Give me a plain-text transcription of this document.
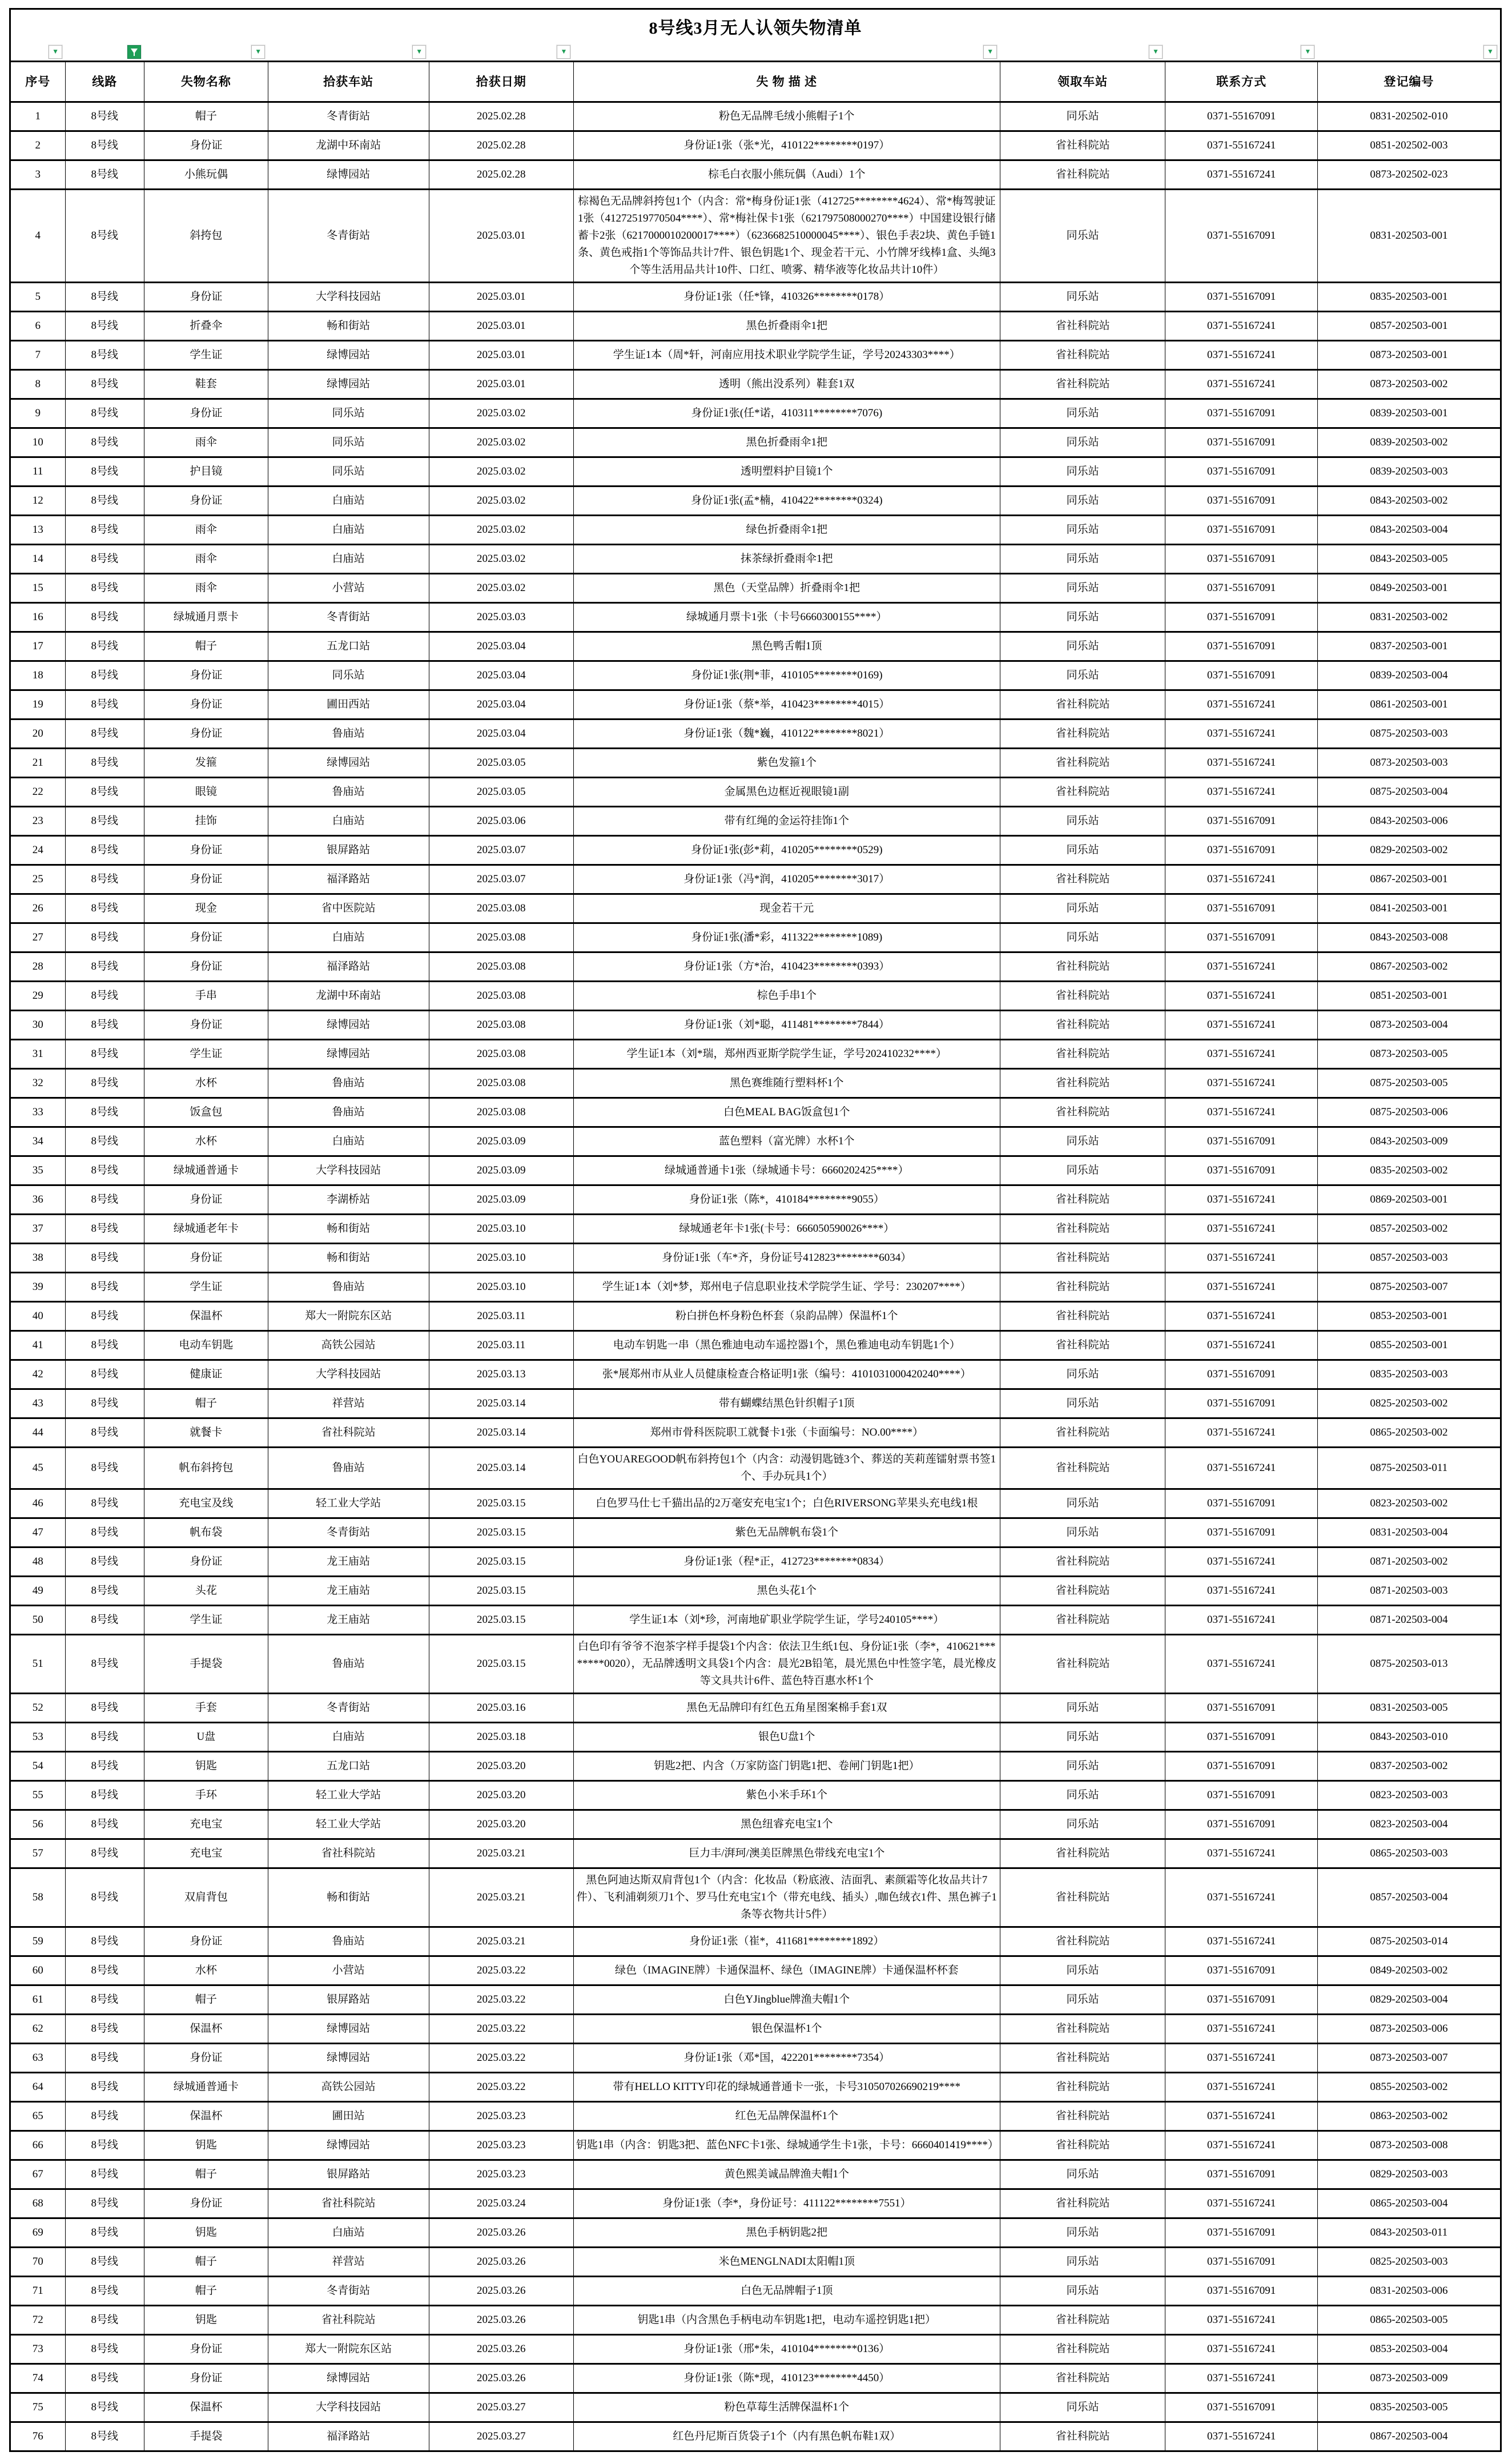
8号线3月无人认领失物清单								

▼		▼	▼	▼	▼	▼	▼	▼

序号	线路	失物名称	拾获车站	拾获日期	失 物 描 述	领取车站	联系方式	登记编号
1	8号线	帽子	冬青街站	2025.02.28	粉色无品牌毛绒小熊帽子1个	同乐站	0371-55167091	0831-202502-010
2	8号线	身份证	龙湖中环南站	2025.02.28	身份证1张（张*光，410122********0197）	省社科院站	0371-55167241	0851-202502-003
3	8号线	小熊玩偶	绿博园站	2025.02.28	棕毛白衣服小熊玩偶（Audi）1个	省社科院站	0371-55167241	0873-202502-023
4	8号线	斜挎包	冬青街站	2025.03.01	棕褐色无品牌斜挎包1个（内含：常*梅身份证1张（412725********4624）、常*梅驾驶证1张（41272519770504****）、常*梅社保卡1张（621797508000270****）中国建设银行储蓄卡2张（6217000010200017****）（6236682510000045****）、银色手表2块、黄色手链1条、黄色戒指1个等饰品共计7件、银色钥匙1个、现金若干元、小竹牌牙线棒1盒、头绳3个等生活用品共计10件、口红、喷雾、精华液等化妆品共计10件）	同乐站	0371-55167091	0831-202503-001
5	8号线	身份证	大学科技园站	2025.03.01	身份证1张（任*锋，410326********0178）	同乐站	0371-55167091	0835-202503-001
6	8号线	折叠伞	畅和街站	2025.03.01	黑色折叠雨伞1把	省社科院站	0371-55167241	0857-202503-001
7	8号线	学生证	绿博园站	2025.03.01	学生证1本（周*轩，河南应用技术职业学院学生证，学号20243303****）	省社科院站	0371-55167241	0873-202503-001
8	8号线	鞋套	绿博园站	2025.03.01	透明（熊出没系列）鞋套1双	省社科院站	0371-55167241	0873-202503-002
9	8号线	身份证	同乐站	2025.03.02	身份证1张(任*诺，410311********7076)	同乐站	0371-55167091	0839-202503-001
10	8号线	雨伞	同乐站	2025.03.02	黑色折叠雨伞1把	同乐站	0371-55167091	0839-202503-002
11	8号线	护目镜	同乐站	2025.03.02	透明塑料护目镜1个	同乐站	0371-55167091	0839-202503-003
12	8号线	身份证	白庙站	2025.03.02	身份证1张(孟*楠，410422********0324)	同乐站	0371-55167091	0843-202503-002
13	8号线	雨伞	白庙站	2025.03.02	绿色折叠雨伞1把	同乐站	0371-55167091	0843-202503-004
14	8号线	雨伞	白庙站	2025.03.02	抹茶绿折叠雨伞1把	同乐站	0371-55167091	0843-202503-005
15	8号线	雨伞	小营站	2025.03.02	黑色（天堂品牌）折叠雨伞1把	同乐站	0371-55167091	0849-202503-001
16	8号线	绿城通月票卡	冬青街站	2025.03.03	绿城通月票卡1张（卡号6660300155****）	同乐站	0371-55167091	0831-202503-002
17	8号线	帽子	五龙口站	2025.03.04	黑色鸭舌帽1顶	同乐站	0371-55167091	0837-202503-001
18	8号线	身份证	同乐站	2025.03.04	身份证1张(荆*菲，410105********0169)	同乐站	0371-55167091	0839-202503-004
19	8号线	身份证	圃田西站	2025.03.04	身份证1张（蔡*举，410423********4015）	省社科院站	0371-55167241	0861-202503-001
20	8号线	身份证	鲁庙站	2025.03.04	身份证1张（魏*巍，410122********8021）	省社科院站	0371-55167241	0875-202503-003
21	8号线	发箍	绿博园站	2025.03.05	紫色发箍1个	省社科院站	0371-55167241	0873-202503-003
22	8号线	眼镜	鲁庙站	2025.03.05	金属黑色边框近视眼镜1副	省社科院站	0371-55167241	0875-202503-004
23	8号线	挂饰	白庙站	2025.03.06	带有红绳的金运符挂饰1个	同乐站	0371-55167091	0843-202503-006
24	8号线	身份证	银屏路站	2025.03.07	身份证1张(彭*莉，410205********0529)	同乐站	0371-55167091	0829-202503-002
25	8号线	身份证	福泽路站	2025.03.07	身份证1张（冯*润，410205********3017）	省社科院站	0371-55167241	0867-202503-001
26	8号线	现金	省中医院站	2025.03.08	现金若干元	同乐站	0371-55167091	0841-202503-001
27	8号线	身份证	白庙站	2025.03.08	身份证1张(潘*彩，411322********1089)	同乐站	0371-55167091	0843-202503-008
28	8号线	身份证	福泽路站	2025.03.08	身份证1张（方*治，410423********0393）	省社科院站	0371-55167241	0867-202503-002
29	8号线	手串	龙湖中环南站	2025.03.08	棕色手串1个	省社科院站	0371-55167241	0851-202503-001
30	8号线	身份证	绿博园站	2025.03.08	身份证1张（刘*聪，411481********7844）	省社科院站	0371-55167241	0873-202503-004
31	8号线	学生证	绿博园站	2025.03.08	学生证1本（刘*瑞，郑州西亚斯学院学生证，学号202410232****）	省社科院站	0371-55167241	0873-202503-005
32	8号线	水杯	鲁庙站	2025.03.08	黑色赛维随行塑料杯1个	省社科院站	0371-55167241	0875-202503-005
33	8号线	饭盒包	鲁庙站	2025.03.08	白色MEAL BAG饭盒包1个	省社科院站	0371-55167241	0875-202503-006
34	8号线	水杯	白庙站	2025.03.09	蓝色塑料（富光牌）水杯1个	同乐站	0371-55167091	0843-202503-009
35	8号线	绿城通普通卡	大学科技园站	2025.03.09	绿城通普通卡1张（绿城通卡号：6660202425****）	同乐站	0371-55167091	0835-202503-002
36	8号线	身份证	李湖桥站	2025.03.09	身份证1张（陈*，410184********9055）	省社科院站	0371-55167241	0869-202503-001
37	8号线	绿城通老年卡	畅和街站	2025.03.10	绿城通老年卡1张(卡号：666050590026****）	省社科院站	0371-55167241	0857-202503-002
38	8号线	身份证	畅和街站	2025.03.10	身份证1张（车*齐，身份证号412823********6034）	省社科院站	0371-55167241	0857-202503-003
39	8号线	学生证	鲁庙站	2025.03.10	学生证1本（刘*梦，郑州电子信息职业技术学院学生证、学号：230207****）	省社科院站	0371-55167241	0875-202503-007
40	8号线	保温杯	郑大一附院东区站	2025.03.11	粉白拼色杯身粉色杯套（泉韵品牌）保温杯1个	省社科院站	0371-55167241	0853-202503-001
41	8号线	电动车钥匙	高铁公园站	2025.03.11	电动车钥匙一串（黑色雅迪电动车遥控器1个，黑色雅迪电动车钥匙1个）	省社科院站	0371-55167241	0855-202503-001
42	8号线	健康证	大学科技园站	2025.03.13	张*展郑州市从业人员健康检查合格证明1张（编号：4101031000420240****）	同乐站	0371-55167091	0835-202503-003
43	8号线	帽子	祥营站	2025.03.14	带有蝴蝶结黑色针织帽子1顶	同乐站	0371-55167091	0825-202503-002
44	8号线	就餐卡	省社科院站	2025.03.14	郑州市骨科医院职工就餐卡1张（卡面编号：NO.00****）	省社科院站	0371-55167241	0865-202503-002
45	8号线	帆布斜挎包	鲁庙站	2025.03.14	白色YOUAREGOOD帆布斜挎包1个（内含：动漫钥匙链3个、葬送的芙莉莲镭射票书签1个、手办玩具1个）	省社科院站	0371-55167241	0875-202503-011
46	8号线	充电宝及线	轻工业大学站	2025.03.15	白色罗马仕七千猫出品的2万毫安充电宝1个；白色RIVERSONG苹果头充电线1根	同乐站	0371-55167091	0823-202503-002
47	8号线	帆布袋	冬青街站	2025.03.15	紫色无品牌帆布袋1个	同乐站	0371-55167091	0831-202503-004
48	8号线	身份证	龙王庙站	2025.03.15	身份证1张（程*正，412723********0834）	省社科院站	0371-55167241	0871-202503-002
49	8号线	头花	龙王庙站	2025.03.15	黑色头花1个	省社科院站	0371-55167241	0871-202503-003
50	8号线	学生证	龙王庙站	2025.03.15	学生证1本（刘*珍，河南地矿职业学院学生证，学号240105****）	省社科院站	0371-55167241	0871-202503-004
51	8号线	手提袋	鲁庙站	2025.03.15	白色印有爷爷不泡茶字样手提袋1个内含：依法卫生纸1包、身份证1张（李*，410621********0020），无品牌透明文具袋1个内含：晨光2B铅笔，晨光黑色中性签字笔，晨光橡皮等文具共计6件、蓝色特百惠水杯1个	省社科院站	0371-55167241	0875-202503-013
52	8号线	手套	冬青街站	2025.03.16	黑色无品牌印有红色五角星图案棉手套1双	同乐站	0371-55167091	0831-202503-005
53	8号线	U盘	白庙站	2025.03.18	银色U盘1个	同乐站	0371-55167091	0843-202503-010
54	8号线	钥匙	五龙口站	2025.03.20	钥匙2把、内含（万家防盗门钥匙1把、卷闸门钥匙1把）	同乐站	0371-55167091	0837-202503-002
55	8号线	手环	轻工业大学站	2025.03.20	紫色小米手环1个	同乐站	0371-55167091	0823-202503-003
56	8号线	充电宝	轻工业大学站	2025.03.20	黑色纽睿充电宝1个	同乐站	0371-55167091	0823-202503-004
57	8号线	充电宝	省社科院站	2025.03.21	巨力丰/湃珂/澳美臣牌黑色带线充电宝1个	省社科院站	0371-55167241	0865-202503-003
58	8号线	双肩背包	畅和街站	2025.03.21	黑色阿迪达斯双肩背包1个（内含：化妆品（粉底液、洁面乳、素颜霜等化妆品共计7件）、飞利浦剃须刀1个、罗马仕充电宝1个（带充电线、插头）,咖色绒衣1件、黑色裤子1条等衣物共计5件）	省社科院站	0371-55167241	0857-202503-004
59	8号线	身份证	鲁庙站	2025.03.21	身份证1张（崔*，411681********1892）	省社科院站	0371-55167241	0875-202503-014
60	8号线	水杯	小营站	2025.03.22	绿色（IMAGINE牌）卡通保温杯、绿色（IMAGINE牌）卡通保温杯杯套	同乐站	0371-55167091	0849-202503-002
61	8号线	帽子	银屏路站	2025.03.22	白色YJingblue牌渔夫帽1个	同乐站	0371-55167091	0829-202503-004
62	8号线	保温杯	绿博园站	2025.03.22	银色保温杯1个	省社科院站	0371-55167241	0873-202503-006
63	8号线	身份证	绿博园站	2025.03.22	身份证1张（邓*国，422201********7354）	省社科院站	0371-55167241	0873-202503-007
64	8号线	绿城通普通卡	高铁公园站	2025.03.22	带有HELLO KITTY印花的绿城通普通卡一张，卡号310507026690219****	省社科院站	0371-55167241	0855-202503-002
65	8号线	保温杯	圃田站	2025.03.23	红色无品牌保温杯1个	省社科院站	0371-55167241	0863-202503-002
66	8号线	钥匙	绿博园站	2025.03.23	钥匙1串（内含：钥匙3把、蓝色NFC卡1张、绿城通学生卡1张，卡号：6660401419****）	省社科院站	0371-55167241	0873-202503-008
67	8号线	帽子	银屏路站	2025.03.23	黄色熙美诚品牌渔夫帽1个	同乐站	0371-55167091	0829-202503-003
68	8号线	身份证	省社科院站	2025.03.24	身份证1张（李*，身份证号：411122********7551）	省社科院站	0371-55167241	0865-202503-004
69	8号线	钥匙	白庙站	2025.03.26	黑色手柄钥匙2把	同乐站	0371-55167091	0843-202503-011
70	8号线	帽子	祥营站	2025.03.26	米色MENGLNADI太阳帽1顶	同乐站	0371-55167091	0825-202503-003
71	8号线	帽子	冬青街站	2025.03.26	白色无品牌帽子1顶	同乐站	0371-55167091	0831-202503-006
72	8号线	钥匙	省社科院站	2025.03.26	钥匙1串（内含黑色手柄电动车钥匙1把，电动车遥控钥匙1把）	省社科院站	0371-55167241	0865-202503-005
73	8号线	身份证	郑大一附院东区站	2025.03.26	身份证1张（邢*朱，410104********0136）	省社科院站	0371-55167241	0853-202503-004
74	8号线	身份证	绿博园站	2025.03.26	身份证1张（陈*现，410123********4450）	省社科院站	0371-55167241	0873-202503-009
75	8号线	保温杯	大学科技园站	2025.03.27	粉色草莓生活牌保温杯1个	同乐站	0371-55167091	0835-202503-005
76	8号线	手提袋	福泽路站	2025.03.27	红色丹尼斯百货袋子1个（内有黑色帆布鞋1双）	省社科院站	0371-55167241	0867-202503-004
